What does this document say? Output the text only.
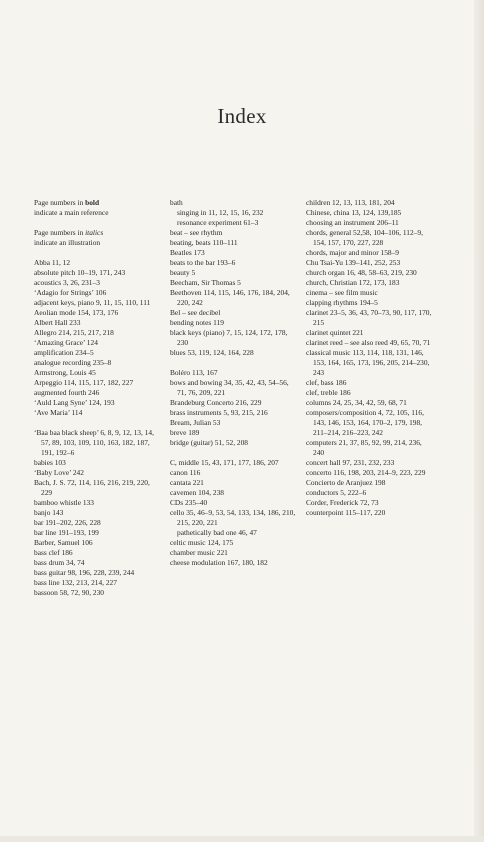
Index
Page numbers in bold
indicate a main reference
Page numbers in italics
indicate an illustration
Abba 11, 12
absolute pitch 10–19, 171, 243
acoustics 3, 26, 231–3
‘Adagio for Strings’ 106
adjacent keys, piano 9, 11, 15, 110, 111
Aeolian mode 154, 173, 176
Albert Hall 233
Allegro 214, 215, 217, 218
‘Amazing Grace’ 124
amplification 234–5
analogue recording 235–8
Armstrong, Louis 45
Arpeggio 114, 115, 117, 182, 227
augmented fourth 246
‘Auld Lang Syne’ 124, 193
‘Ave Maria’ 114
‘Baa baa black sheep’ 6, 8, 9, 12, 13, 14, 57, 89, 103, 109, 110, 163, 182, 187, 191, 192–6
babies 103
‘Baby Love’ 242
Bach, J. S. 72, 114, 116, 216, 219, 220, 229
bamboo whistle 133
banjo 143
bar 191–202, 226, 228
bar line 191–193, 199
Barber, Samuel 106
bass clef 186
bass drum 34, 74
bass guitar 98, 196, 228, 239, 244
bass line 132, 213, 214, 227
bassoon 58, 72, 90, 230
bath
singing in 11, 12, 15, 16, 232
resonance experiment 61–3
beat – see rhythm
beating, beats 110–111
Beatles 173
beats to the bar 193–6
beauty 5
Beecham, Sir Thomas 5
Beethoven 114, 115, 146, 176, 184, 204, 220, 242
Bel – see decibel
bending notes 119
black keys (piano) 7, 15, 124, 172, 178, 230
blues 53, 119, 124, 164, 228
Boléro 113, 167
bows and bowing 34, 35, 42, 43, 54–56, 71, 76, 209, 221
Brandeburg Concerto 216, 229
brass instruments 5, 93, 215, 216
Bream, Julian 53
breve 189
bridge (guitar) 51, 52, 208
C, middle 15, 43, 171, 177, 186, 207
canon 116
cantata 221
cavemen 104, 238
CDs 235–40
cello 35, 46–9, 53, 54, 133, 134, 186, 210, 215, 220, 221
pathetically bad one 46, 47
celtic music 124, 175
chamber music 221
cheese modulation 167, 180, 182
children 12, 13, 113, 181, 204
Chinese, china 13, 124, 139,185
choosing an instrument 206–11
chords, general 52,58, 104–106, 112–9, 154, 157, 170, 227, 228
chords, major and minor 158–9
Chu Tsai-Yu 139–141, 252, 253
church organ 16, 48, 58–63, 219, 230
church, Christian 172, 173, 183
cinema – see film music
clapping rhythms 194–5
clarinet 23–5, 36, 43, 70–73, 90, 117, 170, 215
clarinet quintet 221
clarinet reed – see also reed 49, 65, 70, 71
classical music 113, 114, 118, 131, 146, 153, 164, 165, 173, 196, 205, 214–230, 243
clef, bass 186
clef, treble 186
columns 24, 25, 34, 42, 59, 68, 71
composers/composition 4, 72, 105, 116, 143, 146, 153, 164, 170–2, 179, 198, 211–214, 216–223, 242
computers 21, 37, 85, 92, 99, 214, 236, 240
concert hall 97, 231, 232, 233
concerto 116, 198, 203, 214–9, 223, 229
Concierto de Aranjuez 198
conductors 5, 222–6
Corder, Frederick 72, 73
counterpoint 115–117, 220
